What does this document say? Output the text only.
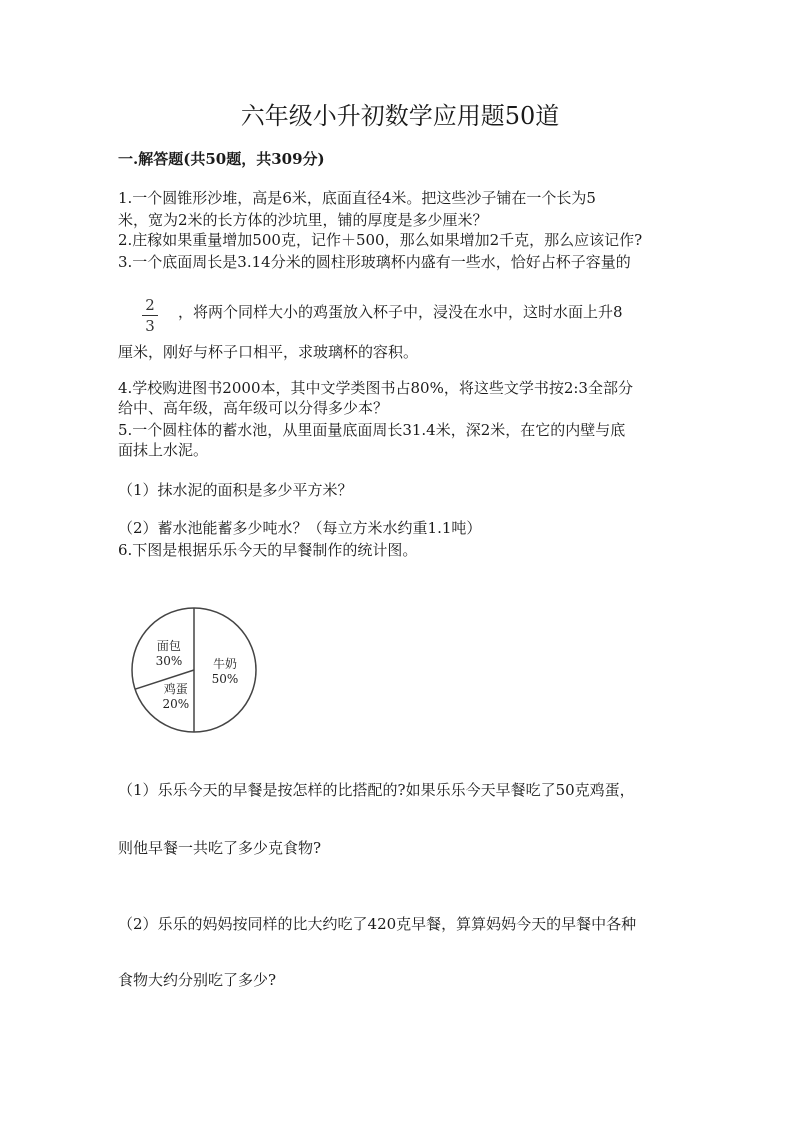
六年级小升初数学应用题50道
一.解答题(共50题，共309分)
1.一个圆锥形沙堆，高是6米，底面直径4米。把这些沙子铺在一个长为5
米，宽为2米的长方体的沙坑里，铺的厚度是多少厘米？
2.庄稼如果重量增加500克，记作＋500，那么如果增加2千克，那么应该记作?
3.一个底面周长是3.14分米的圆柱形玻璃杯内盛有一些水，恰好占杯子容量的
2
3
，将两个同样大小的鸡蛋放入杯子中，浸没在水中，这时水面上升8
厘米，刚好与杯子口相平，求玻璃杯的容积。
4.学校购进图书2000本，其中文学类图书占80%，将这些文学书按2:3全部分
给中、高年级，高年级可以分得多少本？
5.一个圆柱体的蓄水池，从里面量底面周长31.4米，深2米，在它的内壁与底
面抹上水泥。
（1）抹水泥的面积是多少平方米？
（2）蓄水池能蓄多少吨水？（每立方米水约重1.1吨）
6.下图是根据乐乐今天的早餐制作的统计图。
牛奶
50%
鸡蛋
20%
面包
30%
（1）乐乐今天的早餐是按怎样的比搭配的?如果乐乐今天早餐吃了50克鸡蛋，
则他早餐一共吃了多少克食物?
（2）乐乐的妈妈按同样的比大约吃了420克早餐，算算妈妈今天的早餐中各种
食物大约分别吃了多少?
